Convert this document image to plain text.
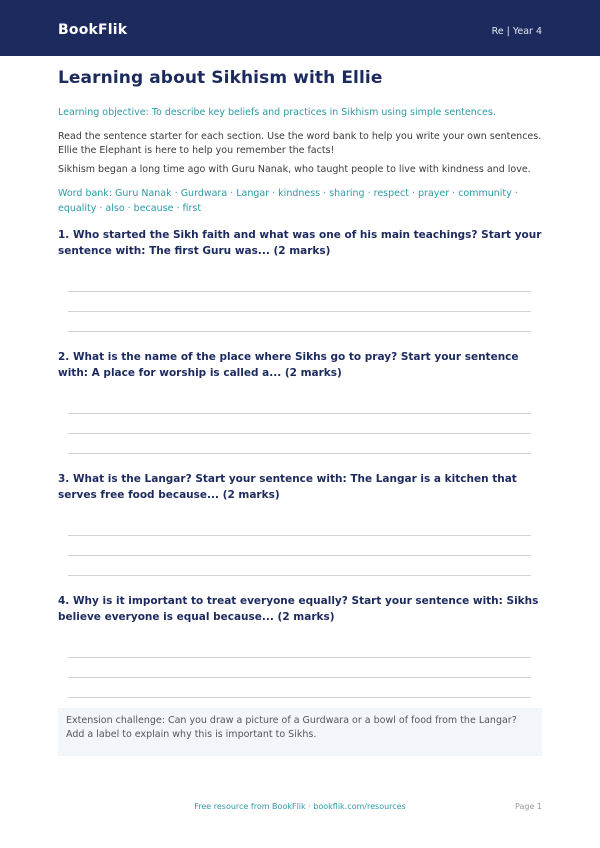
BookFlik	Re | Year 4
Learning about Sikhism with Ellie

Learning objective: To describe key beliefs and practices in Sikhism using simple sentences.

Read the sentence starter for each section. Use the word bank to help you write your own sentences. Ellie the Elephant is here to help you remember the facts!

Sikhism began a long time ago with Guru Nanak, who taught people to live with kindness and love.

Word bank: Guru Nanak · Gurdwara · Langar · kindness · sharing · respect · prayer · community · equality · also · because · first

1. Who started the Sikh faith and what was one of his main teachings? Start your sentence with: The first Guru was... (2 marks)

2. What is the name of the place where Sikhs go to pray? Start your sentence with: A place for worship is called a... (2 marks)

3. What is the Langar? Start your sentence with: The Langar is a kitchen that serves free food because... (2 marks)

4. Why is it important to treat everyone equally? Start your sentence with: Sikhs believe everyone is equal because... (2 marks)

Extension challenge: Can you draw a picture of a Gurdwara or a bowl of food from the Langar? Add a label to explain why this is important to Sikhs.
Free resource from BookFlik · bookflik.com/resources	Page 1
